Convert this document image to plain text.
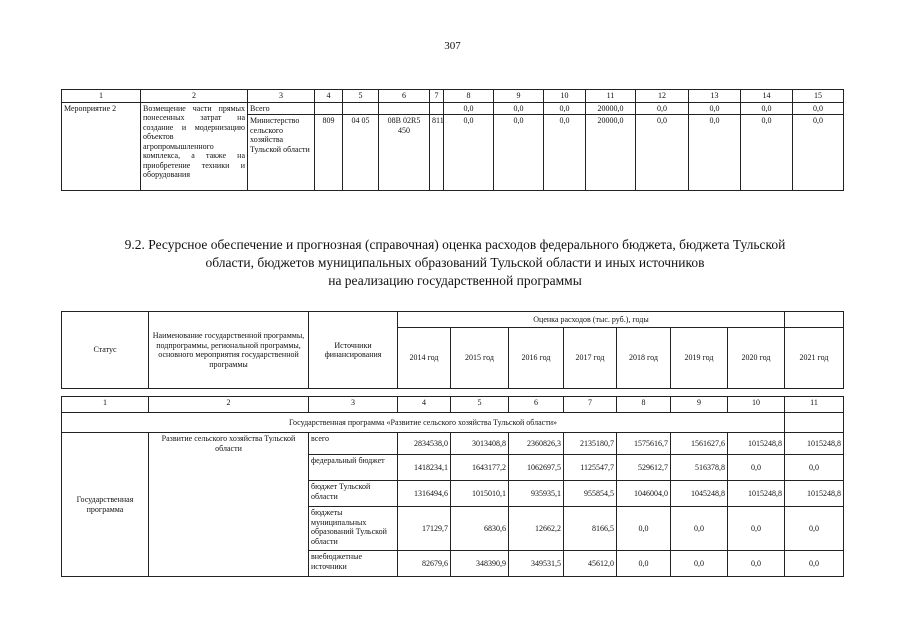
307
1	2	3	4	5	6	7	8	9	10	11	12	13	14	15
Мероприятие 2	Возмещение части прямых понесенных затрат на создание и модернизацию объектов агропромышленного комплекса, а также на приобретение техники и оборудования	Всего					0,0	0,0	0,0	20000,0	0,0	0,0	0,0	0,0
		Министерство сельского хозяйства Тульской области	809	04 05	08В 02R5 450	811	0,0	0,0	0,0	20000,0	0,0	0,0	0,0	0,0
9.2. Ресурсное обеспечение и прогнозная (справочная) оценка расходов федерального бюджета, бюджета Тульской
области, бюджетов муниципальных образований Тульской области и иных источников
на реализацию государственной программы
Статус	Наименование государственной программы, подпрограммы, региональной программы, основного мероприятия государственной программы	Источники финансирования	Оценка расходов (тыс. руб.), годы							
			2014 год	2015 год	2016 год	2017 год	2018 год	2019 год	2020 год	2021 год
1	2	3	4	5	6	7	8	9	10	11
Государственная программа «Развитие сельского хозяйства Тульской области»										
Государственная программа	Развитие сельского хозяйства Тульской области	всего	2834538,0	3013408,8	2360826,3	2135180,7	1575616,7	1561627,6	1015248,8	1015248,8
		федеральный бюджет	1418234,1	1643177,2	1062697,5	1125547,7	529612,7	516378,8	0,0	0,0
		бюджет Тульской области	1316494,6	1015010,1	935935,1	955854,5	1046004,0	1045248,8	1015248,8	1015248,8
		бюджеты муниципальных образований Тульской области	17129,7	6830,6	12662,2	8166,5	0,0	0,0	0,0	0,0
		внебюджетные источники	82679,6	348390,9	349531,5	45612,0	0,0	0,0	0,0	0,0
